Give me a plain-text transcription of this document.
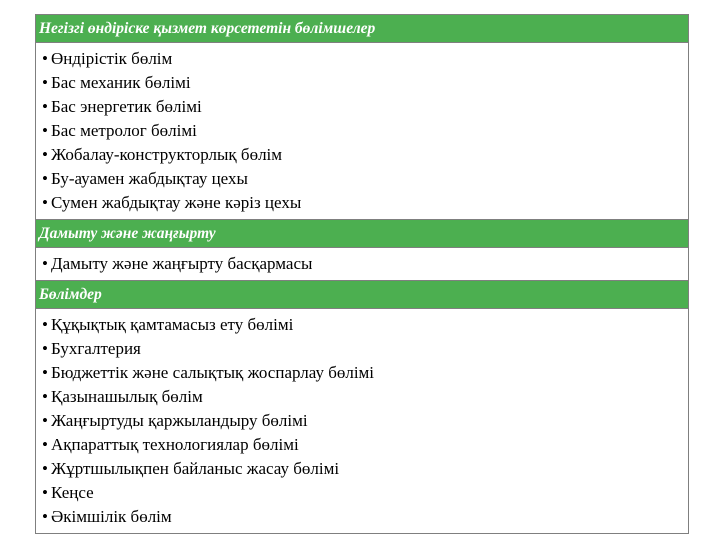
Негізгі өндіріске қызмет көрсететін бөлімшелер
• Өндірістік бөлім
• Бас механик бөлімі
• Бас энергетик бөлімі
• Бас метролог бөлімі
• Жобалау-конструкторлық бөлім
• Бу-ауамен жабдықтау цехы
• Сумен жабдықтау және кәріз цехы
Дамыту және жаңғырту
• Дамыту және жаңғырту басқармасы
Бөлімдер
• Құқықтық қамтамасыз ету бөлімі
• Бухгалтерия
• Бюджеттік және салықтық жоспарлау бөлімі
• Қазынашылық бөлім
• Жаңғыртуды қаржыландыру бөлімі
• Ақпараттық технологиялар бөлімі
• Жұртшылықпен байланыс жасау бөлімі
• Кеңсе
• Әкімшілік бөлім
